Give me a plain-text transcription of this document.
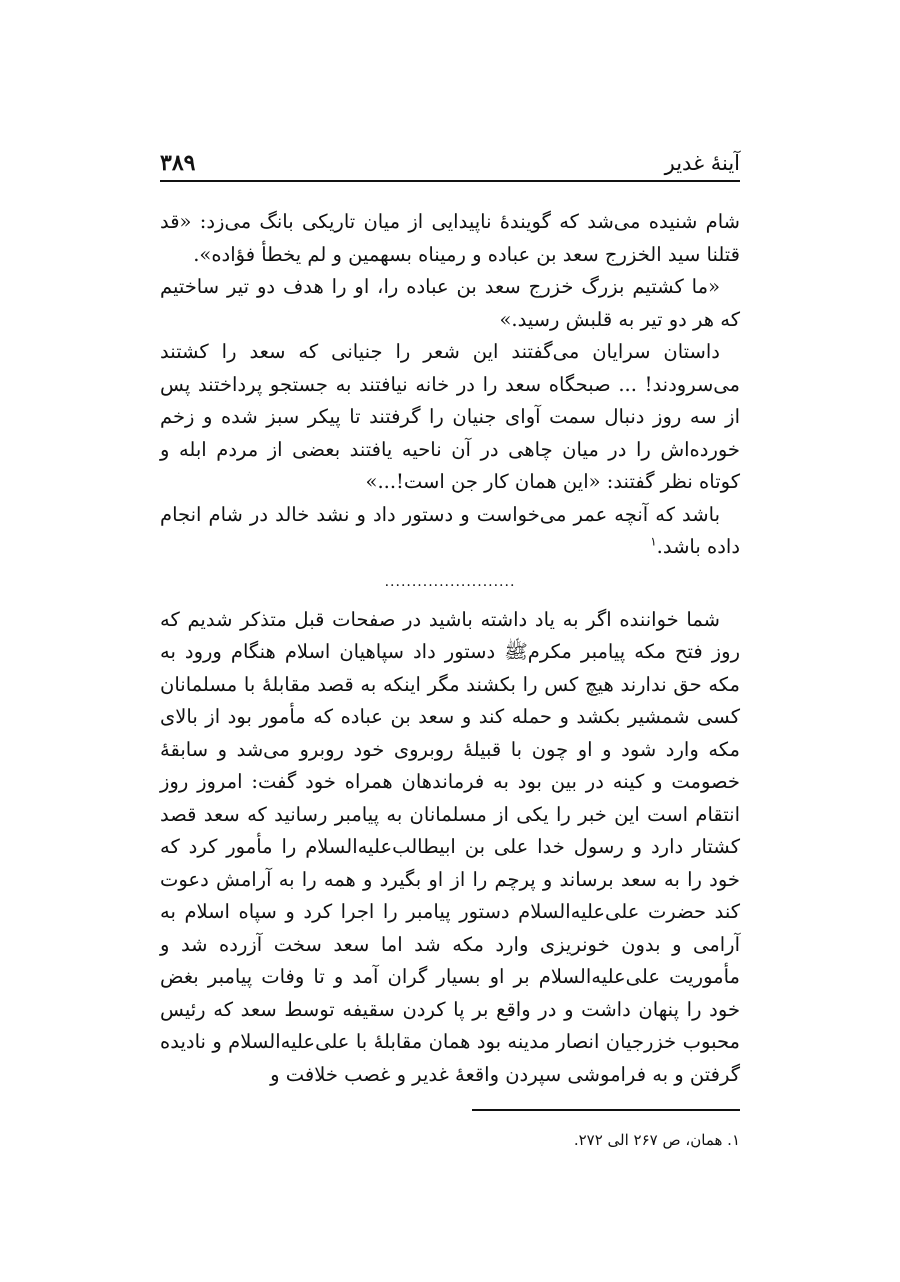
آینهٔ غدیر
۳۸۹

شام شنیده می‌شد که گویندهٔ ناپیدایی از میان تاریکی بانگ می‌زد: «قد قتلنا سید الخزرج سعد بن عباده و رمیناه بسهمین و لم یخطأ فؤاده».

«ما کشتیم بزرگ خزرج سعد بن عباده را، او را هدف دو تیر ساختیم که هر دو تیر به قلبش رسید.»

داستان سرایان می‌گفتند این شعر را جنیانی که سعد را کشتند می‌سرودند! ... صبحگاه سعد را در خانه نیافتند به جستجو پرداختند پس از سه روز دنبال سمت آوای جنیان را گرفتند تا پیکر سبز شده و زخم خورده‌اش را در میان چاهی در آن ناحیه یافتند بعضی از مردم ابله و کوتاه نظر گفتند: «این همان کار جن است!...»

باشد که آنچه عمر می‌خواست و دستور داد و نشد خالد در شام انجام داده باشد.$^۱$

........................

شما خواننده اگر به یاد داشته باشید در صفحات قبل متذکر شدیم که روز فتح مکه پیامبر مکرم‌ﷺ دستور داد سپاهیان اسلام هنگام ورود به مکه حق ندارند هیچ کس را بکشند مگر اینکه به قصد مقابلهٔ با مسلمانان کسی شمشیر بکشد و حمله کند و سعد بن عباده که مأمور بود از بالای مکه وارد شود و او چون با قبیلهٔ روبروی خود روبرو می‌شد و سابقهٔ خصومت و کینه در بین بود به فرماندهان همراه خود گفت: امروز روز انتقام است این خبر را یکی از مسلمانان به پیامبر رسانید که سعد قصد کشتار دارد و رسول خدا علی بن ابیطالب‌علیه‌السلام را مأمور کرد که خود را به سعد برساند و پرچم را از او بگیرد و همه را به آرامش دعوت کند حضرت علی‌علیه‌السلام دستور پیامبر را اجرا کرد و سپاه اسلام به آرامی و بدون خونریزی وارد مکه شد اما سعد سخت آزرده شد و مأموریت علی‌علیه‌السلام بر او بسیار گران آمد و تا وفات پیامبر بغض خود را پنهان داشت و در واقع بر پا کردن سقیفه توسط سعد که رئیس محبوب خزرجیان انصار مدینه بود همان مقابلهٔ با علی‌علیه‌السلام و نادیده گرفتن و به فراموشی سپردن واقعهٔ غدیر و غصب خلافت و

۱. همان، ص ۲۶۷ الی ۲۷۲.
